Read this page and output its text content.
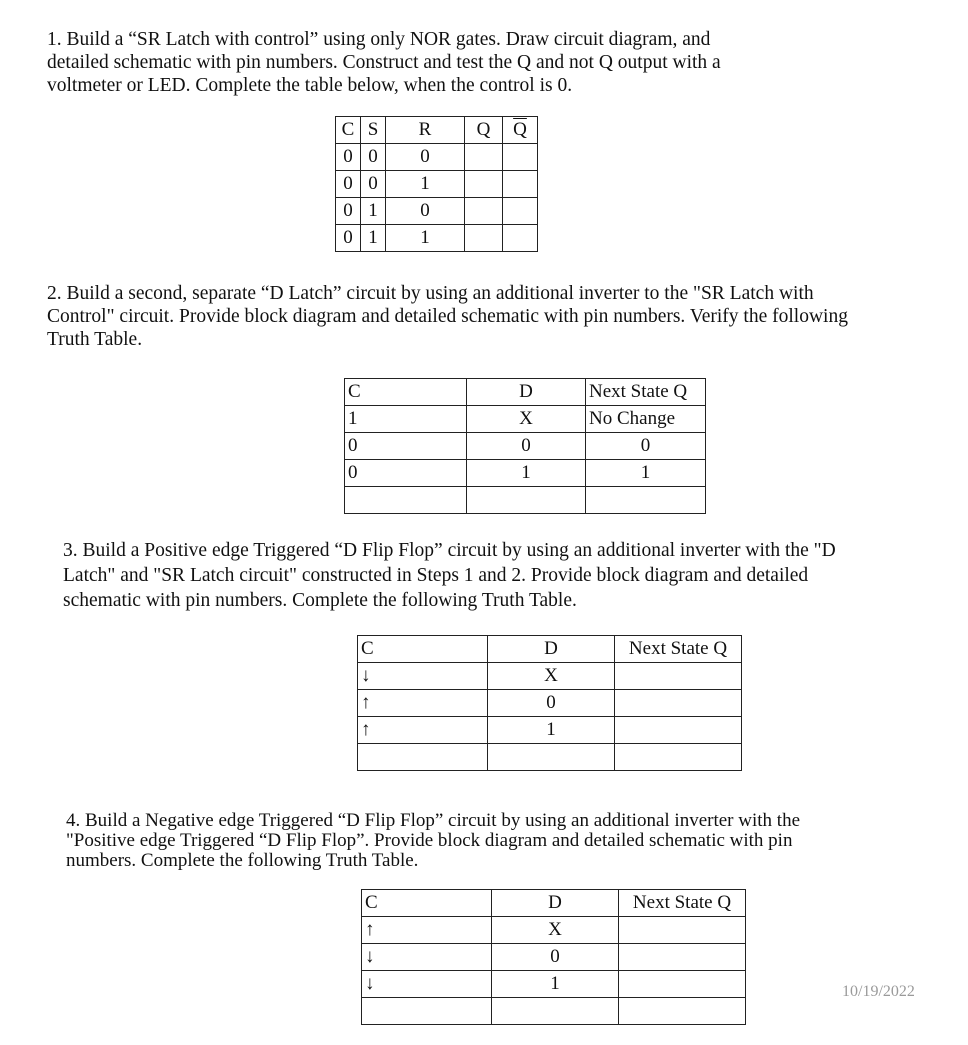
1. Build a “SR Latch with control” using only NOR gates. Draw circuit diagram, and
detailed schematic with pin numbers. Construct and test the Q and not Q output with a
voltmeter or LED. Complete the table below, when the control is 0.
C	S	R	Q	$\overline{Q}$
0	0	0		
0	0	1		
0	1	0		
0	1	1		
2. Build a second, separate “D Latch” circuit by using an additional inverter to the "SR Latch with
Control" circuit. Provide block diagram and detailed schematic with pin numbers. Verify the following
Truth Table.
C	D	Next State Q
1	X	No Change
0	0	0
0	1	1

3. Build a Positive edge Triggered “D Flip Flop” circuit by using an additional inverter with the "D
Latch" and "SR Latch circuit" constructed in Steps 1 and 2. Provide block diagram and detailed
schematic with pin numbers. Complete the following Truth Table.
C	D	Next State Q
↓	X	
↑	0	
↑	1	

4. Build a Negative edge Triggered “D Flip Flop” circuit by using an additional inverter with the
"Positive edge Triggered “D Flip Flop”. Provide block diagram and detailed schematic with pin
numbers. Complete the following Truth Table.
C	D	Next State Q
↑	X	
↓	0	
↓	1	
			10/19/2022
